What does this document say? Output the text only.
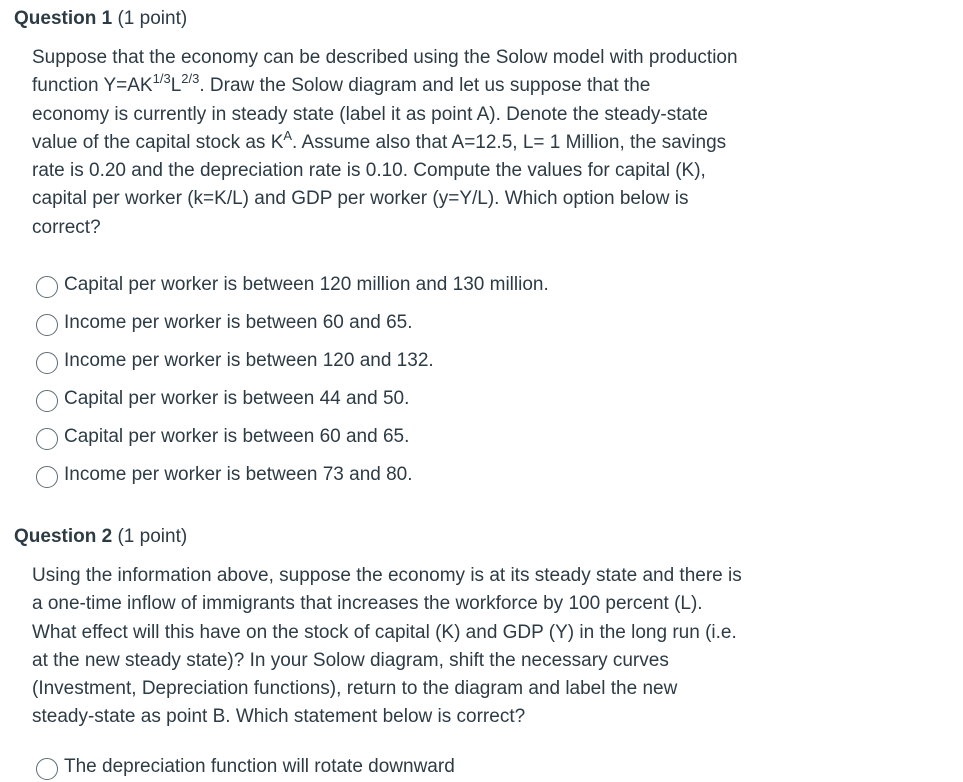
Question 1 (1 point)
Suppose that the economy can be described using the Solow model with production
function $Y=AK^{1/3}L^{2/3}$. Draw the Solow diagram and let us suppose that the
economy is currently in steady state (label it as point A). Denote the steady-state
value of the capital stock as $K^A$. Assume also that A=12.5, L= 1 Million, the savings
rate is 0.20 and the depreciation rate is 0.10. Compute the values for capital (K),
capital per worker (k=K/L) and GDP per worker (y=Y/L). Which option below is
correct?
Capital per worker is between 120 million and 130 million.
Income per worker is between 60 and 65.
Income per worker is between 120 and 132.
Capital per worker is between 44 and 50.
Capital per worker is between 60 and 65.
Income per worker is between 73 and 80.
Question 2 (1 point)
Using the information above, suppose the economy is at its steady state and there is
a one-time inflow of immigrants that increases the workforce by 100 percent (L).
What effect will this have on the stock of capital (K) and GDP (Y) in the long run (i.e.
at the new steady state)? In your Solow diagram, shift the necessary curves
(Investment, Depreciation functions), return to the diagram and label the new
steady-state as point B. Which statement below is correct?
The depreciation function will rotate downward
